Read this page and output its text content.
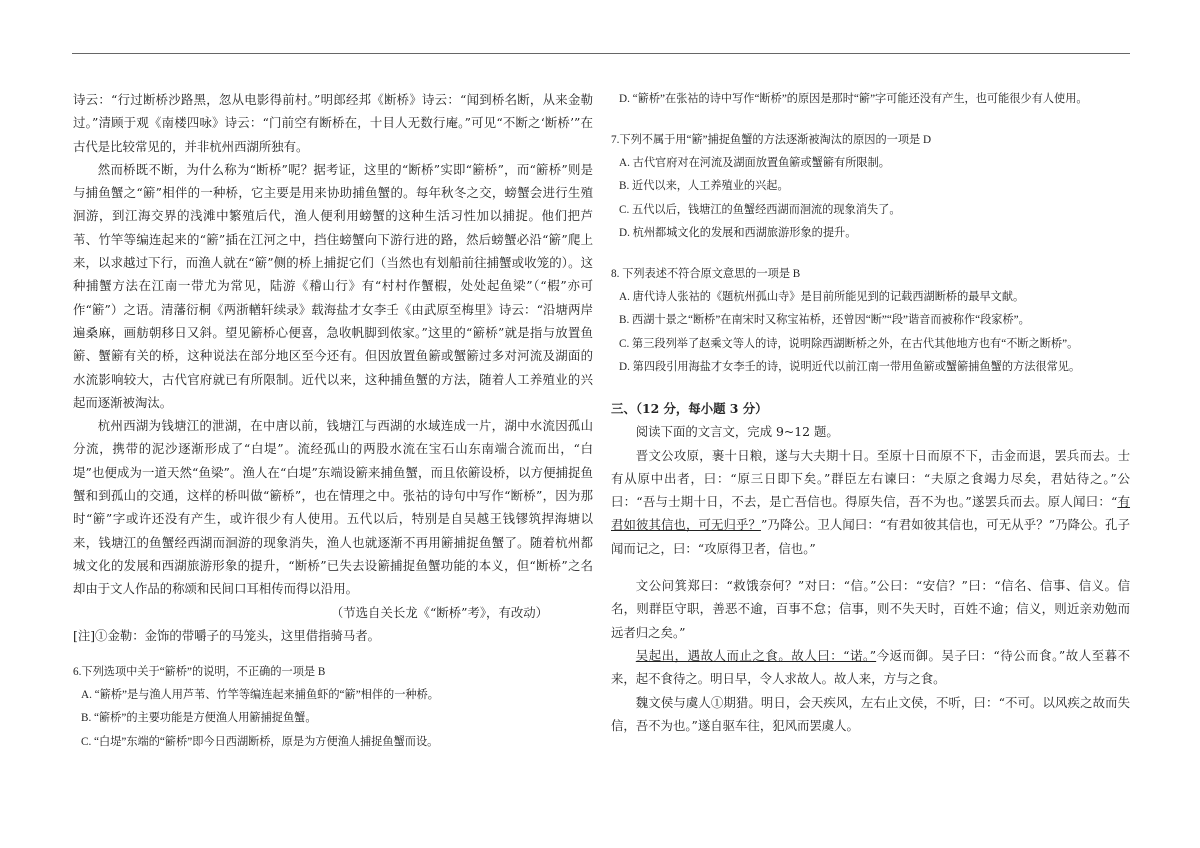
诗云：“行过断桥沙路黑，忽从电影得前村。”明郎经邦《断桥》诗云：“闻到桥名断，从来金勒过。”清顾于观《南楼四咏》诗云：“门前空有断桥在，十目人无数行庵。”可见“不断之‘断桥’”在古代是比较常见的，并非杭州西湖所独有。

然而桥既不断，为什么称为“断桥”呢？据考证，这里的“断桥”实即“簖桥”，而“簖桥”则是与捕鱼蟹之“簖”相伴的一种桥，它主要是用来协助捕鱼蟹的。每年秋冬之交，螃蟹会进行生殖洄游，到江海交界的浅滩中繁殖后代，渔人便利用螃蟹的这种生活习性加以捕捉。他们把芦苇、竹竿等编连起来的“簖”插在江河之中，挡住螃蟹向下游行进的路，然后螃蟹必沿“簖”爬上来，以求越过下行，而渔人就在“簖”侧的桥上捕捉它们（当然也有划船前往捕蟹或收笼的）。这种捕蟹方法在江南一带尤为常见，陆游《稽山行》有“村村作蟹椵，处处起鱼梁”（“椵”亦可作“簖”）之语。清藩衍桐《两浙輶轩续录》载海盐才女李壬《由武原至梅里》诗云：“沿塘两岸遍桑麻，画舫朝移日又斜。望见簖桥心便喜，急收帆脚到侬家。”这里的“簖桥”就是指与放置鱼簖、蟹簖有关的桥，这种说法在部分地区至今还有。但因放置鱼簖或蟹簖过多对河流及湖面的水流影响较大，古代官府就已有所限制。近代以来，这种捕鱼蟹的方法，随着人工养殖业的兴起而逐渐被淘汰。

杭州西湖为钱塘江的泄湖，在中唐以前，钱塘江与西湖的水域连成一片，湖中水流因孤山分流，携带的泥沙逐渐形成了“白堤”。流经孤山的两股水流在宝石山东南端合流而出，“白堤”也便成为一道天然“鱼梁”。渔人在“白堤”东端设簖来捕鱼蟹，而且依簖设桥，以方便捕捉鱼蟹和到孤山的交通，这样的桥叫做“簖桥”，也在情理之中。张祜的诗句中写作“断桥”，因为那时“簖”字或许还没有产生，或许很少有人使用。五代以后，特别是自吴越王钱镠筑捍海塘以来，钱塘江的鱼蟹经西湖而洄游的现象消失，渔人也就逐渐不再用簖捕捉鱼蟹了。随着杭州都城文化的发展和西湖旅游形象的提升，“断桥”已失去设簖捕捉鱼蟹功能的本义，但“断桥”之名却由于文人作品的称颂和民间口耳相传而得以沿用。

（节选自关长龙《“断桥”考》，有改动）

[注]①金勒：金饰的带嚼子的马笼头，这里借指骑马者。

6.下列选项中关于“簖桥”的说明，不正确的一项是 B

A. “簖桥”是与渔人用芦苇、竹竿等编连起来捕鱼虾的“簖”相伴的一种桥。

B. “簖桥”的主要功能是方便渔人用簖捕捉鱼蟹。

C. “白堤”东端的“簖桥”即今日西湖断桥，原是为方便渔人捕捉鱼蟹而设。

D. “簖桥”在张祜的诗中写作“断桥”的原因是那时“簖”字可能还没有产生，也可能很少有人使用。

7.下列不属于用“簖”捕捉鱼蟹的方法逐渐被淘汰的原因的一项是 D

A. 古代官府对在河流及湖面放置鱼簖或蟹簖有所限制。

B. 近代以来，人工养殖业的兴起。

C. 五代以后，钱塘江的鱼蟹经西湖而洄流的现象消失了。

D. 杭州都城文化的发展和西湖旅游形象的提升。

8. 下列表述不符合原文意思的一项是 B

A. 唐代诗人张祜的《题杭州孤山寺》是目前所能见到的记载西湖断桥的最早文献。

B. 西湖十景之“断桥”在南宋时又称宝祐桥，还曾因“断”“段”谐音而被称作“段家桥”。

C. 第三段列举了赵乘文等人的诗，说明除西湖断桥之外，在古代其他地方也有“不断之断桥”。

D. 第四段引用海盐才女李壬的诗，说明近代以前江南一带用鱼簖或蟹簖捕鱼蟹的方法很常见。

三、（12 分，每小题 3 分）

阅读下面的文言文，完成 9~12 题。

晋文公攻原，裹十日粮，遂与大夫期十日。至原十日而原不下，击金而退，罢兵而去。士有从原中出者，曰：“原三日即下矣。”群臣左右谏曰：“夫原之食竭力尽矣，君姑待之。”公曰：“吾与士期十日，不去，是亡吾信也。得原失信，吾不为也。”遂罢兵而去。原人闻曰：“有君如彼其信也，可无归乎？”乃降公。卫人闻曰：“有君如彼其信也，可无从乎？”乃降公。孔子闻而记之，曰：“攻原得卫者，信也。”

文公问箕郑曰：“救饿奈何？”对曰：“信。”公曰：“安信？”曰：“信名、信事、信义。信名，则群臣守职，善恶不逾，百事不怠；信事，则不失天时，百姓不逾；信义，则近亲劝勉而远者归之矣。”

吴起出，遇故人而止之食。故人曰：“诺。”今返而御。吴子曰：“待公而食。”故人至暮不来，起不食待之。明日早，令人求故人。故人来，方与之食。

魏文侯与虞人①期猎。明日，会天疾风，左右止文侯，不听，曰：“不可。以风疾之故而失信，吾不为也。”遂自驱车往，犯风而罢虞人。
